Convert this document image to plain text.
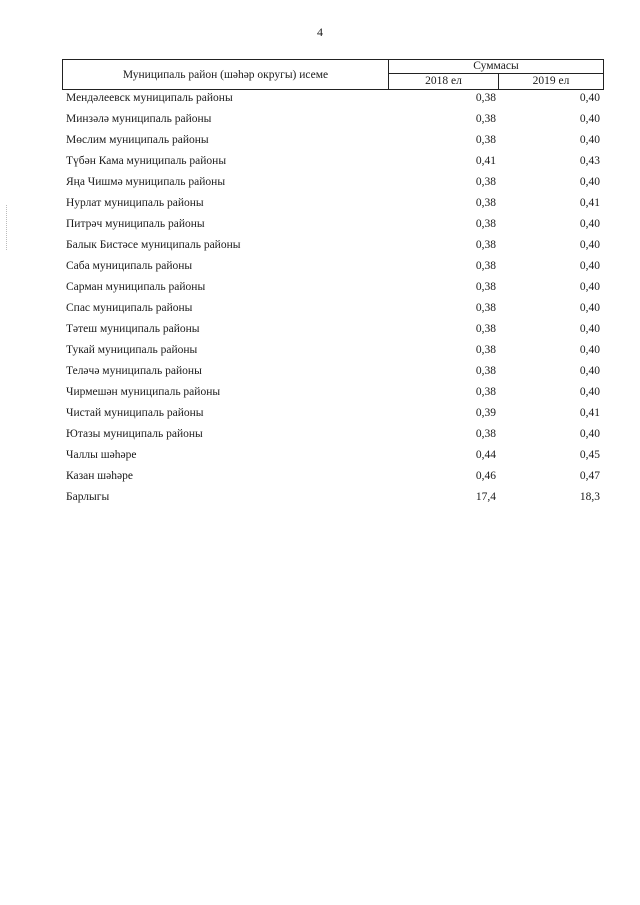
4
Муниципаль район (шәһәр округы) исеме
Суммасы
2018 ел	2019 ел
Мендәлеевск муниципаль районы	0,38	0,40
Минзәлә муниципаль районы	0,38	0,40
Мөслим муниципаль районы	0,38	0,40
Түбән Кама муниципаль районы	0,41	0,43
Яңа Чишмә муниципаль районы	0,38	0,40
Нурлат муниципаль районы	0,38	0,41
Питрәч муниципаль районы	0,38	0,40
Балык Бистәсе муниципаль районы	0,38	0,40
Саба муниципаль районы	0,38	0,40
Сарман муниципаль районы	0,38	0,40
Спас муниципаль районы	0,38	0,40
Тәтеш муниципаль районы	0,38	0,40
Тукай муниципаль районы	0,38	0,40
Теләчә муниципаль районы	0,38	0,40
Чирмешән муниципаль районы	0,38	0,40
Чистай муниципаль районы	0,39	0,41
Ютазы муниципаль районы	0,38	0,40
Чаллы шәһәре	0,44	0,45
Казан шәһәре	0,46	0,47
Барлыгы	17,4	18,3
